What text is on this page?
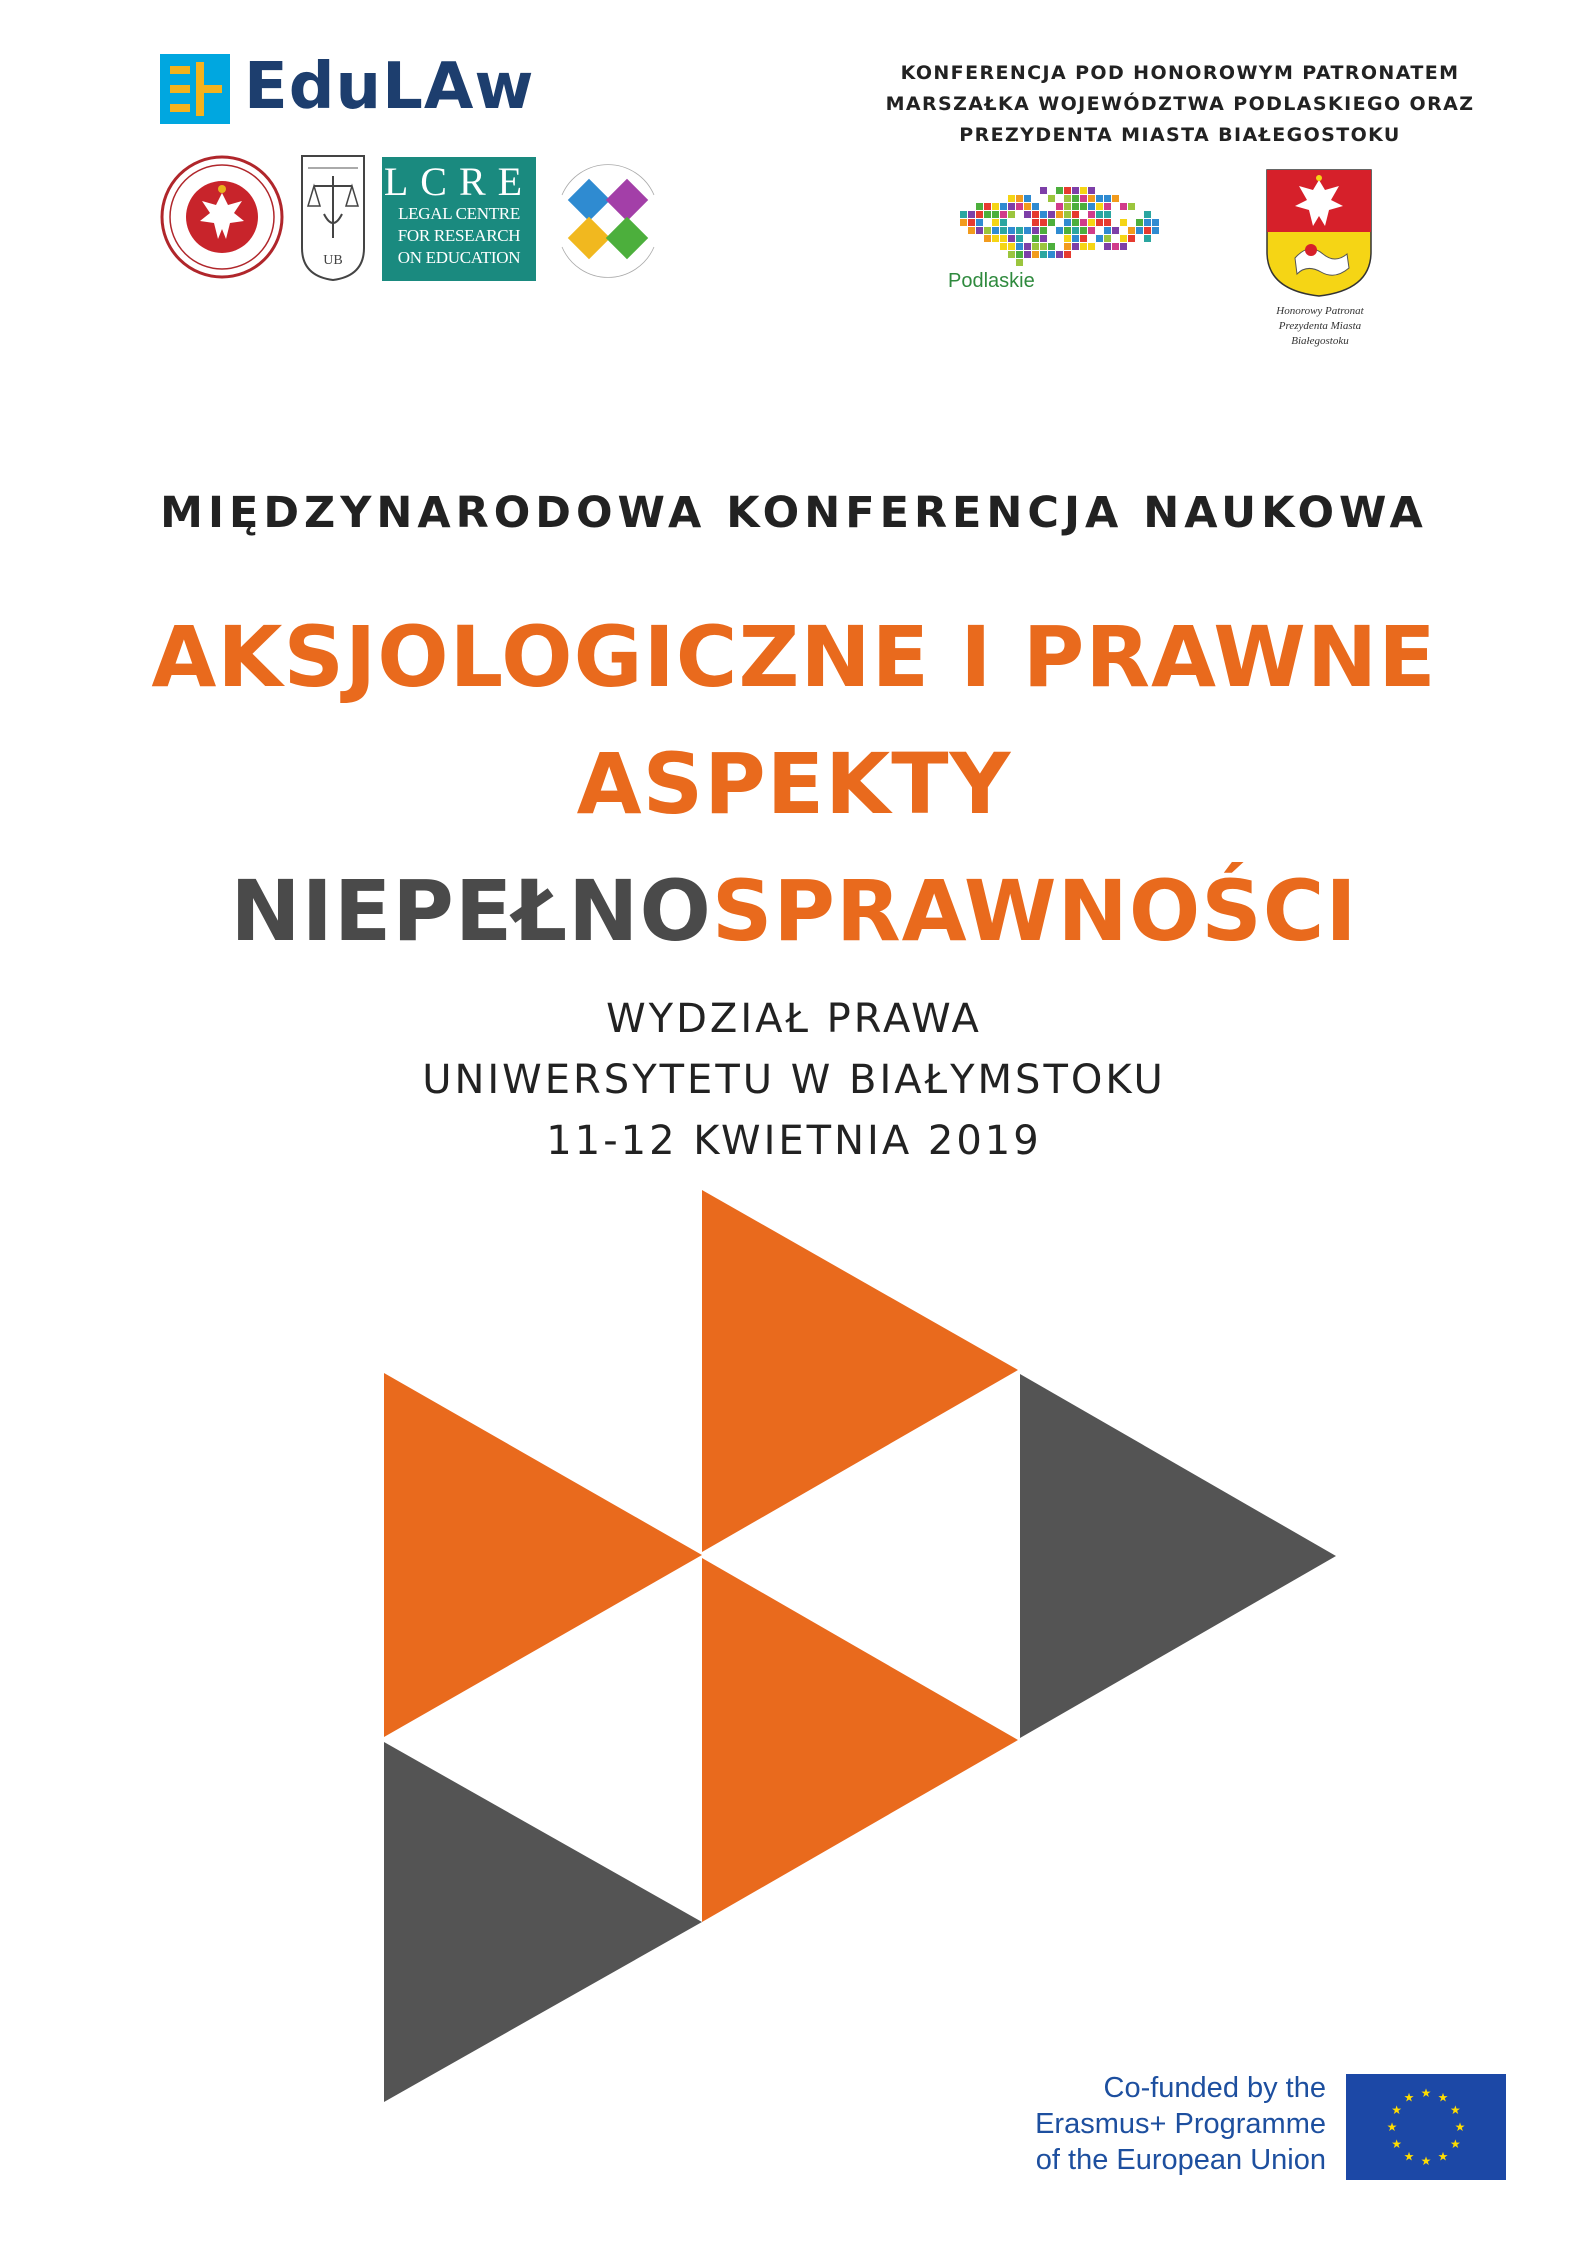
EduLAw	KONFERENCJA POD HONOROWYM PATRONATEM
MARSZAŁKA WOJEWÓDZTWA PODLASKIEGO ORAZ
PREZYDENTA MIASTA BIAŁEGOSTOKU
UB
LCRE
LEGAL CENTRE
FOR RESEARCH
ON EDUCATION
Podlaskie
Honorowy Patronat
Prezydenta Miasta
Białegostoku
MIĘDZYNARODOWA KONFERENCJA NAUKOWA
AKSJOLOGICZNE I PRAWNE
ASPEKTY
NIEPEŁNOSPRAWNOŚCI
WYDZIAŁ PRAWA
UNIWERSYTETU W BIAŁYMSTOKU
11-12 KWIETNIA 2019
Co-funded by the
Erasmus+ Programme
of the European Union
★ ★
★
★
★
★
★
★
★
★
★
★
